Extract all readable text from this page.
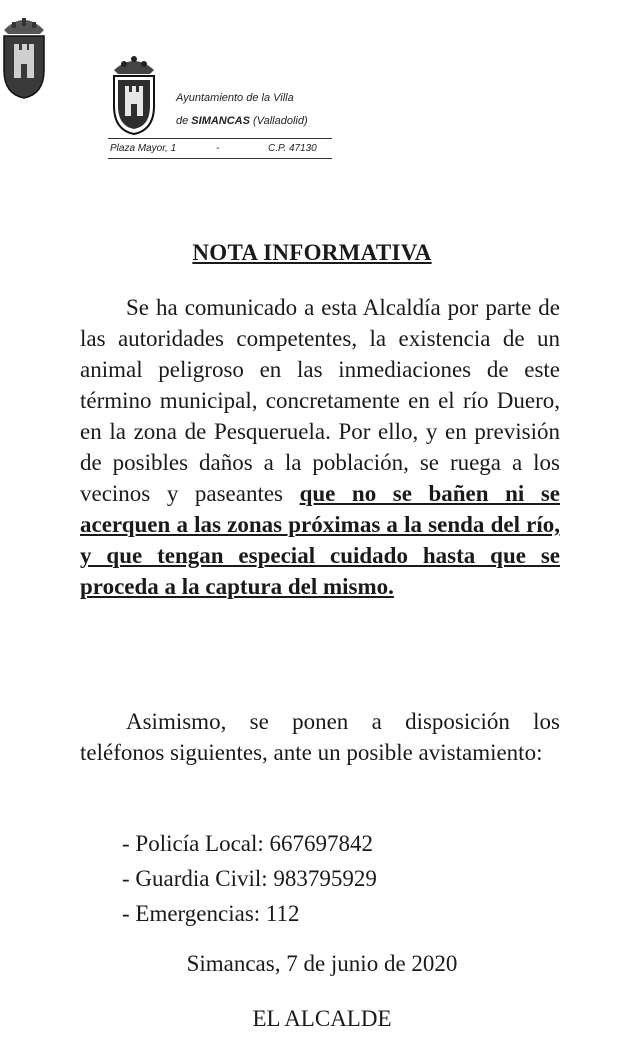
Ayuntamiento de la Villa
de SIMANCAS (Valladolid)
Plaza Mayor, 1	-	C.P. 47130
NOTA INFORMATIVA
Se ha comunicado a esta Alcaldía por parte de las autoridades competentes, la existencia de un animal peligroso en las inmediaciones de este término municipal, concretamente en el río Duero, en la zona de Pesqueruela. Por ello, y en previsión de posibles daños a la población, se ruega a los vecinos y paseantes que no se bañen ni se acerquen a las zonas próximas a la senda del río, y que tengan especial cuidado hasta que se proceda a la captura del mismo.
Asimismo, se ponen a disposición los teléfonos siguientes, ante un posible avistamiento:
- Policía Local: 667697842
- Guardia Civil: 983795929
- Emergencias: 112
Simancas, 7 de junio de 2020
EL ALCALDE
